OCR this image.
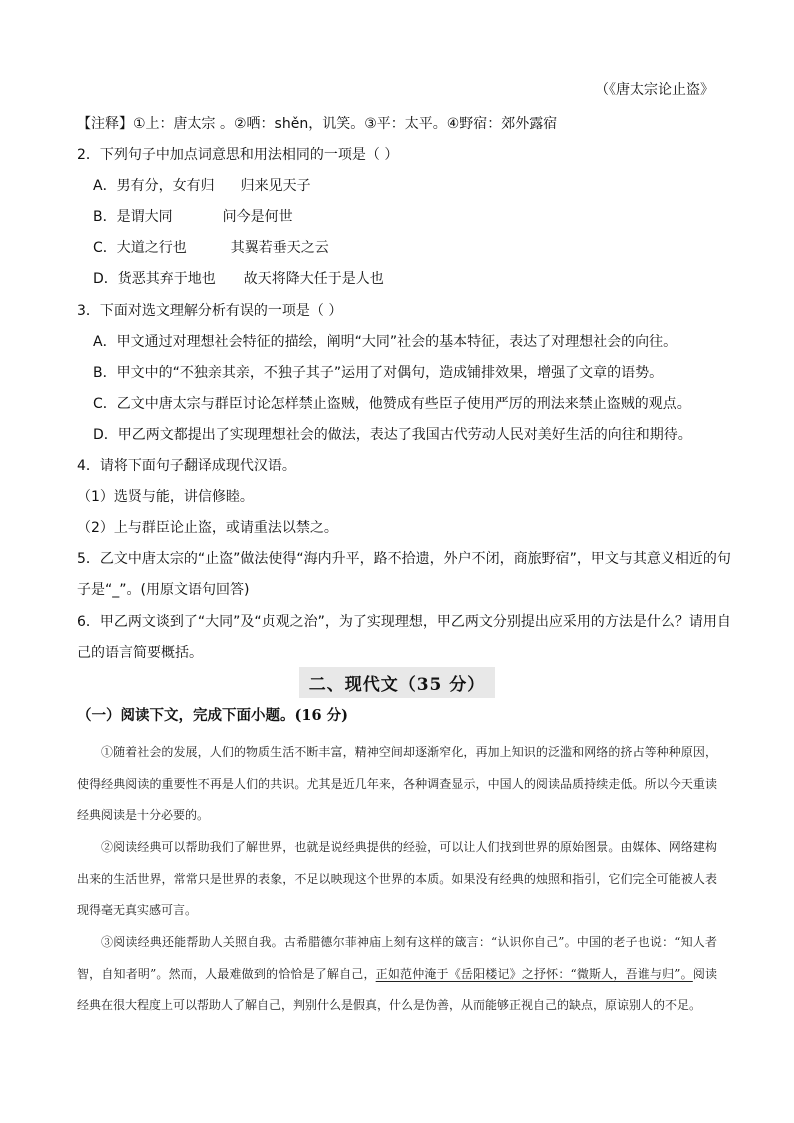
（《唐太宗论止盗》
【注释】①上：唐太宗 。②哂：shěn，讥笑。③平：太平。④野宿：郊外露宿
2．下列句子中加点词意思和用法相同的一项是（ ）
A．男有分，女有归 归来见天子
B．是谓大同	问今是何世
C．大道之行也	其翼若垂天之云
D．货恶其弃于地也 故天将降大任于是人也
3．下面对选文理解分析有误的一项是（ ）
A．甲文通过对理想社会特征的描绘，阐明“大同”社会的基本特征，表达了对理想社会的向往。
B．甲文中的“不独亲其亲，不独子其子”运用了对偶句，造成铺排效果，增强了文章的语势。
C．乙文中唐太宗与群臣讨论怎样禁止盗贼，他赞成有些臣子使用严厉的刑法来禁止盗贼的观点。
D．甲乙两文都提出了实现理想社会的做法，表达了我国古代劳动人民对美好生活的向往和期待。
4．请将下面句子翻译成现代汉语。
（1）选贤与能，讲信修睦。
（2）上与群臣论止盗，或请重法以禁之。
5．乙文中唐太宗的“止盗”做法使得“海内升平，路不拾遗，外户不闭，商旅野宿”，甲文与其意义相近的句
子是“_”。(用原文语句回答)
6．甲乙两文谈到了“大同”及“贞观之治”，为了实现理想，甲乙两文分别提出应采用的方法是什么？请用自
己的语言简要概括。
二、现代文（35 分）
（一）阅读下文，完成下面小题。(16 分)

①随着社会的发展，人们的物质生活不断丰富，精神空间却逐渐窄化，再加上知识的泛滥和网络的挤占等种种原因，使得经典阅读的重要性不再是人们的共识。尤其是近几年来，各种调查显示，中国人的阅读品质持续走低。所以今天重读经典阅读是十分必要的。

②阅读经典可以帮助我们了解世界，也就是说经典提供的经验，可以让人们找到世界的原始图景。由媒体、网络建构出来的生活世界，常常只是世界的表象，不足以映现这个世界的本质。如果没有经典的烛照和指引，它们完全可能被人表现得毫无真实感可言。

③阅读经典还能帮助人关照自我。古希腊德尔菲神庙上刻有这样的箴言：“认识你自己”。中国的老子也说：“知人者智，自知者明”。然而，人最难做到的恰恰是了解自己，正如范仲淹于《岳阳楼记》之抒怀：“微斯人，吾谁与归”。阅读经典在很大程度上可以帮助人了解自己，判别什么是假真，什么是伪善，从而能够正视自己的缺点，原谅别人的不足。
